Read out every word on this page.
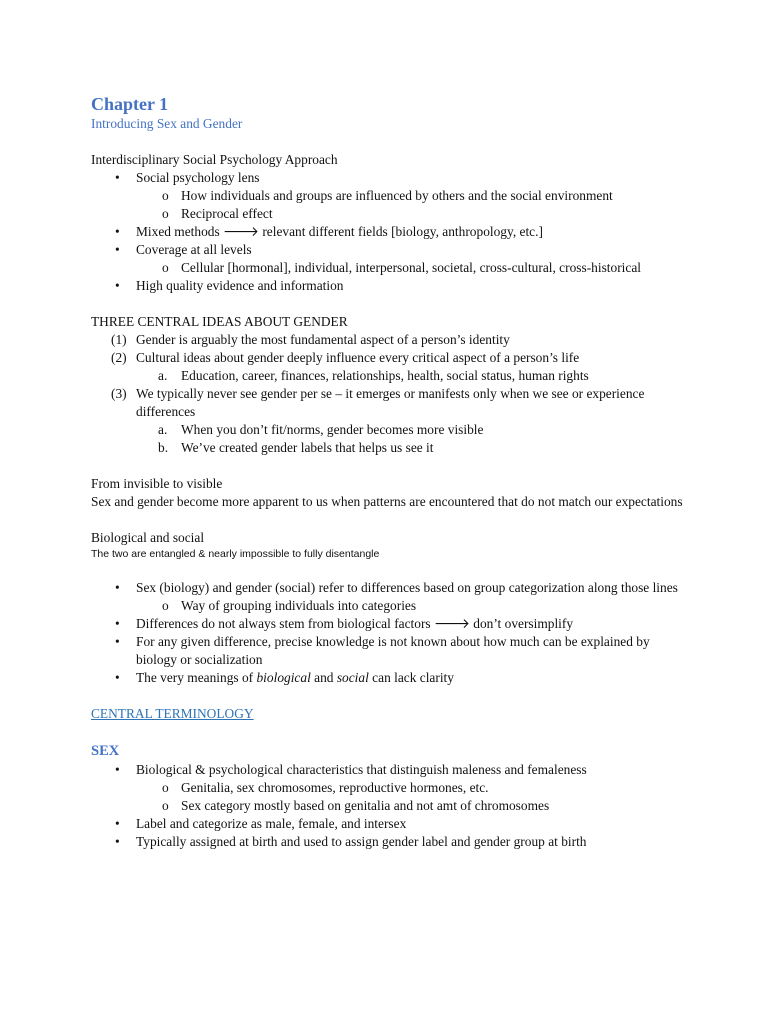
Chapter 1
Introducing Sex and Gender
Interdisciplinary Social Psychology Approach
•	Social psychology lens
o How individuals and groups are influenced by others and the social environment
o Reciprocal effect
•	Mixed methods 🡒 relevant different fields [biology, anthropology, etc.]
•	Coverage at all levels
o Cellular [hormonal], individual, interpersonal, societal, cross-cultural, cross-historical
•	High quality evidence and information
THREE CENTRAL IDEAS ABOUT GENDER
(1) Gender is arguably the most fundamental aspect of a person’s identity
(2) Cultural ideas about gender deeply influence every critical aspect of a person’s life
a.	Education, career, finances, relationships, health, social status, human rights
(3) We typically never see gender per se – it emerges or manifests only when we see or experience differences
a.	When you don’t fit/norms, gender becomes more visible
b. We’ve created gender labels that helps us see it
From invisible to visible
Sex and gender become more apparent to us when patterns are encountered that do not match our expectations
Biological and social
The two are entangled & nearly impossible to fully disentangle
•	Sex (biology) and gender (social) refer to differences based on group categorization along those lines
o Way of grouping individuals into categories
•	Differences do not always stem from biological factors 🡒 don’t oversimplify
•	For any given difference, precise knowledge is not known about how much can be explained by biology or socialization
•	The very meanings of biological and social can lack clarity
CENTRAL TERMINOLOGY
SEX
•	Biological & psychological characteristics that distinguish maleness and femaleness
o Genitalia, sex chromosomes, reproductive hormones, etc.
o Sex category mostly based on genitalia and not amt of chromosomes
•	Label and categorize as male, female, and intersex
•	Typically assigned at birth and used to assign gender label and gender group at birth
